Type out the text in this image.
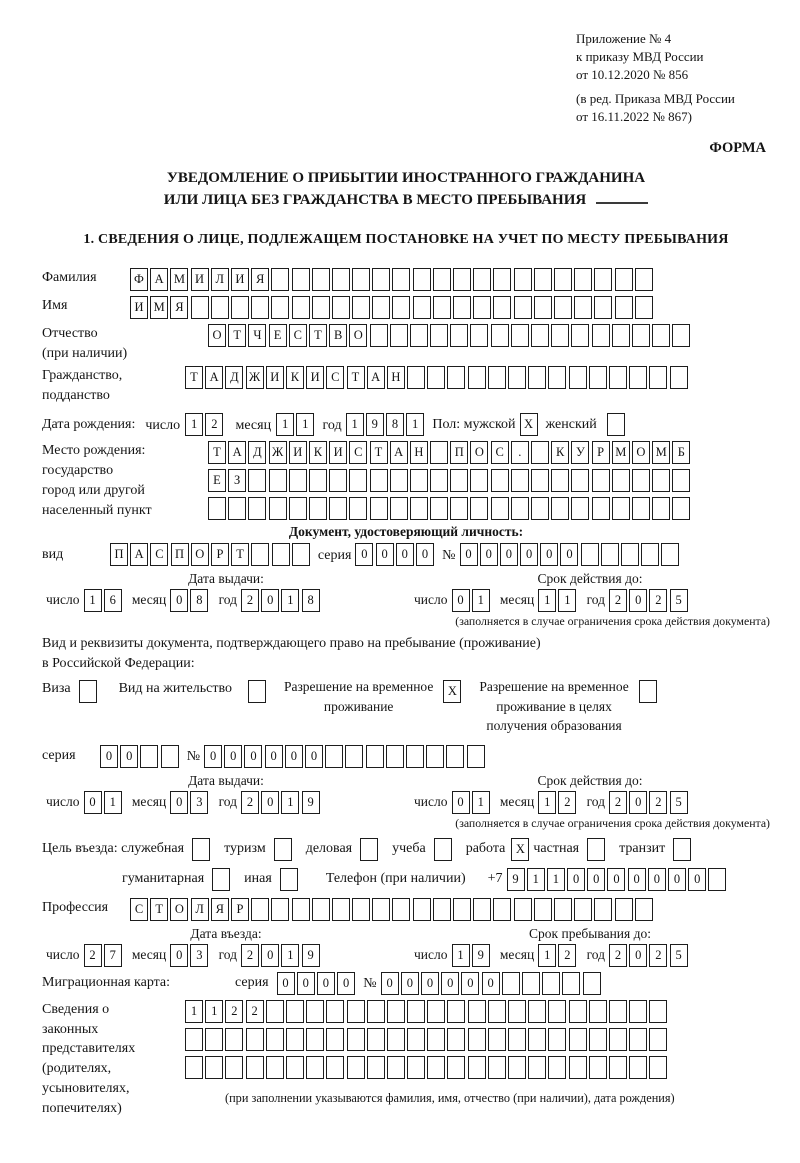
Приложение № 4
к приказу МВД России
от 10.12.2020 № 856
(в ред. Приказа МВД России
от 16.11.2022 № 867)
ФОРМА
УВЕДОМЛЕНИЕ О ПРИБЫТИИ ИНОСТРАННОГО ГРАЖДАНИНА
ИЛИ ЛИЦА БЕЗ ГРАЖДАНСТВА В МЕСТО ПРЕБЫВАНИЯ
1. СВЕДЕНИЯ О ЛИЦЕ, ПОДЛЕЖАЩЕМ ПОСТАНОВКЕ НА УЧЕТ ПО МЕСТУ ПРЕБЫВАНИЯ
Фамилия	Ф А М И Л И Я
Имя	И М Я
Отчество
(при наличии)
О Т Ч Е С Т В О
Гражданство,
подданство
Т А Д Ж И К И С Т А Н
Дата рождения: число 1	2	месяц 1	1	год 1	9	8	1	Пол: мужской X женский
Место рождения:
государство
город или другой
населенный пункт
Т А Д Ж И К И С Т А Н	П О С	.	К У Р М О М Б
Е	З
Документ, удостоверяющий личность:
вид	П А С П О Р	Т	серия 0	0	0	0	№ 0	0	0	0	0	0
Дата выдачи:
число 1	6	месяц 0	8	год 2	0	1	8
Срок действия до:
число 0	1	месяц 1	1	год 2	0	2	5
(заполняется в случае ограничения срока действия документа)
Вид и реквизиты документа, подтверждающего право на пребывание (проживание)
в Российской Федерации:
Виза	Вид на жительство	Разрешение на временное
проживание
X	Разрешение на временное
проживание в целях
получения образования
серия	0	0	№ 0	0	0	0	0	0
Дата выдачи:
число 0	1	месяц 0	3	год 2	0	1	9
Срок действия до:
число 0	1	месяц 1	2	год 2	0	2	5
(заполняется в случае ограничения срока действия документа)
Цель въезда: служебная	туризм	деловая	учеба	работа X частная	транзит
гуманитарная	иная	Телефон (при наличии) +7 9	1	1	0	0	0	0	0	0	0
Профессия	С Т О Л Я	Р
Дата въезда:
число 2	7	месяц 0	3	год 2	0	1	9
Срок пребывания до:
число 1	9	месяц 1	2	год 2	0	2	5
Миграционная карта:	серия	0	0	0	0	№ 0	0	0	0	0	0
Сведения о
законных
представителях
(родителях,
усыновителях,
попечителях)
1	1	2	2
(при заполнении указываются фамилия, имя, отчество (при наличии), дата рождения)
